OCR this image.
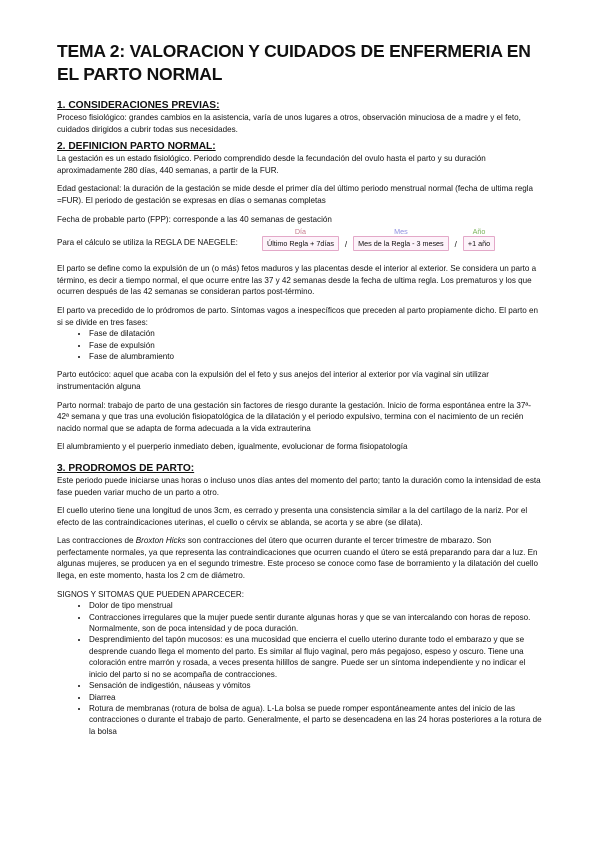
TEMA 2: VALORACION Y CUIDADOS DE ENFERMERIA EN EL PARTO NORMAL
1. CONSIDERACIONES PREVIAS:

Proceso fisiológico: grandes cambios en la asistencia, varía de unos lugares a otros, observación minuciosa de a madre y el feto, cuidados dirigidos a cubrir todas sus necesidades.

2. DEFINICION PARTO NORMAL:

La gestación es un estado fisiológico. Periodo comprendido desde la fecundación del ovulo hasta el parto y su duración aproximadamente 280 días, 440 semanas, a partir de la FUR.

Edad gestacional: la duración de la gestación se mide desde el primer día del último periodo menstrual normal (fecha de ultima regla =FUR). El periodo de gestación se expresas en días o semanas completas

Fecha de probable parto (FPP): corresponde a las 40 semanas de gestación

Para el cálculo se utiliza la REGLA DE NAEGELE:
Día
Último Regla + 7días	/
Mes
Mes de la Regla - 3 meses	/
Año
+1 año

El parto se define como la expulsión de un (o más) fetos maduros y las placentas desde el interior al exterior. Se considera un parto a término, es decir a tiempo normal, el que ocurre entre las 37 y 42 semanas desde la fecha de ultima regla. Los prematuros y los que ocurren después de las 42 semanas se consideran partos post-término.

El parto va precedido de lo pródromos de parto. Síntomas vagos a inespecíficos que preceden al parto propiamente dicho. El parto en si se divide en tres fases:

• Fase de dilatación
• Fase de expulsión
• Fase de alumbramiento

Parto eutócico: aquel que acaba con la expulsión del el feto y sus anejos del interior al exterior por vía vaginal sin utilizar instrumentación alguna

Parto normal: trabajo de parto de una gestación sin factores de riesgo durante la gestación. Inicio de forma espontánea entre la 37ª- 42ª semana y que tras una evolución fisiopatológica de la dilatación y el periodo expulsivo, termina con el nacimiento de un recién nacido normal que se adapta de forma adecuada a la vida extrauterina

El alumbramiento y el puerperio inmediato deben, igualmente, evolucionar de forma fisiopatología

3. PRODROMOS DE PARTO:

Este periodo puede iniciarse unas horas o incluso unos días antes del momento del parto; tanto la duración como la intensidad de esta fase pueden variar mucho de un parto a otro.

El cuello uterino tiene una longitud de unos 3cm, es cerrado y presenta una consistencia similar a la del cartílago de la nariz. Por el efecto de las contraindicaciones uterinas, el cuello o cérvix se ablanda, se acorta y se abre (se dilata).

Las contracciones de Broxton Hicks son contracciones del útero que ocurren durante el tercer trimestre de mbarazo. Son perfectamente normales, ya que representa las contraindicaciones que ocurren cuando el útero se está preparando para dar a luz. En algunas mujeres, se producen ya en el segundo trimestre. Este proceso se conoce como fase de borramiento y la dilatación del cuello llega, en este momento, hasta los 2 cm de diámetro.

SIGNOS Y SITOMAS QUE PUEDEN APARCECER:

• Dolor de tipo menstrual
• Contracciones irregulares que la mujer puede sentir durante algunas horas y que se van intercalando con horas de reposo. Normalmente, son de poca intensidad y de poca duración.
• Desprendimiento del tapón mucosos: es una mucosidad que encierra el cuello uterino durante todo el embarazo y que se desprende cuando llega el momento del parto. Es similar al flujo vaginal, pero más pegajoso, espeso y oscuro. Tiene una coloración entre marrón y rosada, a veces presenta hilillos de sangre. Puede ser un síntoma independiente y no indicar el inicio del parto si no se acompaña de contracciones.
• Sensación de indigestión, náuseas y vómitos
• Diarrea
• Rotura de membranas (rotura de bolsa de agua). L-La bolsa se puede romper espontáneamente antes del inicio de las contracciones o durante el trabajo de parto. Generalmente, el parto se desencadena en las 24 horas posteriores a la rotura de la bolsa
